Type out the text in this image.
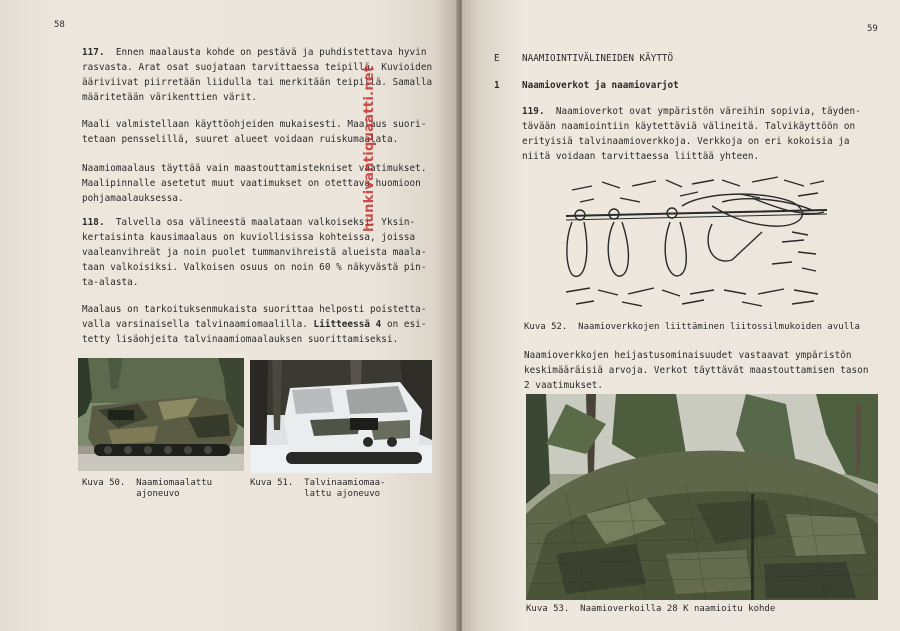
58
117.  Ennen maalausta kohde on pestävä ja puhdistettava hyvin
rasvasta. Arat osat suojataan tarvittaessa teipillä. Kuvioiden
ääriviivat piirretään liidulla tai merkitään teipillä. Samalla
määritetään värikenttien värit.
Maali valmistellaan käyttöohjeiden mukaisesti. Maalaus suori-
tetaan pensselillä, suuret alueet voidaan ruiskumaalata.
Naamiomaalaus täyttää vain maastouttamistekniset vaatimukset.
Maalipinnalle asetetut muut vaatimukset on otettava huomioon
pohjamaalauksessa.
118.  Talvella osa välineestä maalataan valkoiseksi. Yksin-
kertaisinta kausimaalaus on kuviollisissa kohteissa, joissa
vaaleanvihreät ja noin puolet tummanvihreistä alueista maala-
taan valkoisiksi. Valkoisen osuus on noin 60 % näkyvästä pin-
ta-alasta.
Maalaus on tarkoituksenmukaista suorittaa helposti poistetta-
valla varsinaisella talvinaamiomaalilla. Liitteessä 4 on esi-
tetty lisäohjeita talvinaamiomaalauksen suorittamiseksi.
Kuva 50.  Naamiomaalattu
ajoneuvo
Kuva 51.  Talvinaamiomaa-
lattu ajoneuvo
hunkivantiquaatti.net
59
E NAAMIOINTIVÄLINEIDEN KÄYTTÖ
1 Naamioverkot ja naamiovarjot
119.  Naamioverkot ovat ympäristön väreihin sopivia, täyden-
tävään naamiointiin käytettäviä välineitä. Talvikäyttöön on
erityisiä talvinaamioverkkoja. Verkkoja on eri kokoisia ja
niitä voidaan tarvittaessa liittää yhteen.
Kuva 52.  Naamioverkkojen liittäminen liitossilmukoiden avulla
Naamioverkkojen heijastusominaisuudet vastaavat ympäristön
keskimääräisiä arvoja. Verkot täyttävät maastouttamisen tason
2 vaatimukset.
Kuva 53.  Naamioverkoilla 28 K naamioitu kohde
